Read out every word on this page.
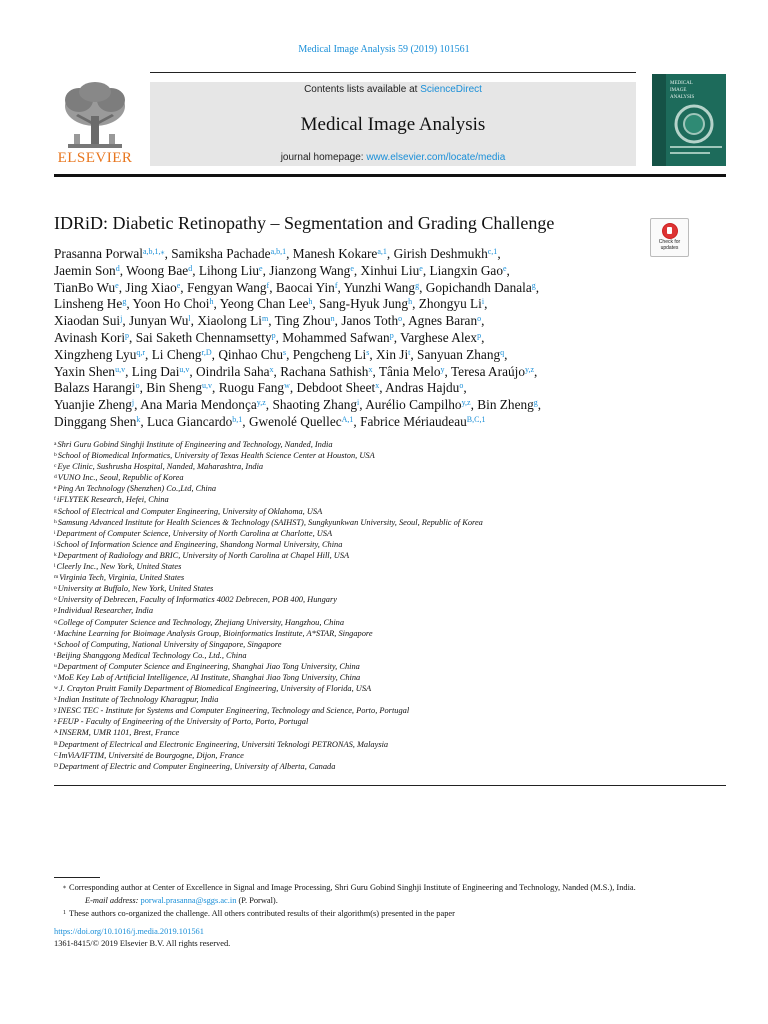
Medical Image Analysis 59 (2019) 101561
ELSEVIER
Contents lists available at ScienceDirect
Medical Image Analysis
journal homepage: www.elsevier.com/locate/media
MEDICAL IMAGE ANALYSIS
IDRiD: Diabetic Retinopathy – Segmentation and Grading Challenge
Check for updates
Prasanna Porwal$^{a,b,1,⁎}$, Samiksha Pachade$^{a,b,1}$, Manesh Kokare$^{a,1}$, Girish Deshmukh$^{c,1}$,
Jaemin Son$^d$, Woong Bae$^d$, Lihong Liu$^e$, Jianzong Wang$^e$, Xinhui Liu$^e$, Liangxin Gao$^e$,
TianBo Wu$^e$, Jing Xiao$^e$, Fengyan Wang$^f$, Baocai Yin$^f$, Yunzhi Wang$^g$, Gopichandh Danala$^g$,
Linsheng He$^g$, Yoon Ho Choi$^h$, Yeong Chan Lee$^h$, Sang-Hyuk Jung$^h$, Zhongyu Li$^i$,
Xiaodan Sui$^j$, Junyan Wu$^l$, Xiaolong Li$^m$, Ting Zhou$^n$, Janos Toth$^o$, Agnes Baran$^o$,
Avinash Kori$^p$, Sai Saketh Chennamsetty$^p$, Mohammed Safwan$^p$, Varghese Alex$^p$,
Xingzheng Lyu$^{q,r}$, Li Cheng$^{r,D}$, Qinhao Chu$^s$, Pengcheng Li$^s$, Xin Ji$^t$, Sanyuan Zhang$^q$,
Yaxin Shen$^{u,v}$, Ling Dai$^{u,v}$, Oindrila Saha$^x$, Rachana Sathish$^x$, Tânia Melo$^y$, Teresa Araújo$^{y,z}$,
Balazs Harangi$^o$, Bin Sheng$^{u,v}$, Ruogu Fang$^w$, Debdoot Sheet$^x$, Andras Hajdu$^o$,
Yuanjie Zheng$^j$, Ana Maria Mendonça$^{y,z}$, Shaoting Zhang$^i$, Aurélio Campilho$^{y,z}$, Bin Zheng$^g$,
Dinggang Shen$^k$, Luca Giancardo$^{b,1}$, Gwenolé Quellec$^{A,1}$, Fabrice Mériaudeau$^{B,C,1}$
$^a$Shri Guru Gobind Singhji Institute of Engineering and Technology, Nanded, India
$^b$School of Biomedical Informatics, University of Texas Health Science Center at Houston, USA
$^c$Eye Clinic, Sushrusha Hospital, Nanded, Maharashtra, India
$^d$VUNO Inc., Seoul, Republic of Korea
$^e$Ping An Technology (Shenzhen) Co.,Ltd, China
$^f$iFLYTEK Research, Hefei, China
$^g$School of Electrical and Computer Engineering, University of Oklahoma, USA
$^h$Samsung Advanced Institute for Health Sciences & Technology (SAIHST), Sungkyunkwan University, Seoul, Republic of Korea
$^i$Department of Computer Science, University of North Carolina at Charlotte, USA
$^j$School of Information Science and Engineering, Shandong Normal University, China
$^k$Department of Radiology and BRIC, University of North Carolina at Chapel Hill, USA
$^l$Cleerly Inc., New York, United States
$^m$Virginia Tech, Virginia, United States
$^n$University at Buffalo, New York, United States
$^o$University of Debrecen, Faculty of Informatics 4002 Debrecen, POB 400, Hungary
$^p$Individual Researcher, India
$^q$College of Computer Science and Technology, Zhejiang University, Hangzhou, China
$^r$Machine Learning for Bioimage Analysis Group, Bioinformatics Institute, A*STAR, Singapore
$^s$School of Computing, National University of Singapore, Singapore
$^t$Beijing Shanggong Medical Technology Co., Ltd., China
$^u$Department of Computer Science and Engineering, Shanghai Jiao Tong University, China
$^v$MoE Key Lab of Artificial Intelligence, AI Institute, Shanghai Jiao Tong University, China
$^w$J. Crayton Pruitt Family Department of Biomedical Engineering, University of Florida, USA
$^x$Indian Institute of Technology Kharagpur, India
$^y$INESC TEC - Institute for Systems and Computer Engineering, Technology and Science, Porto, Portugal
$^z$FEUP - Faculty of Engineering of the University of Porto, Porto, Portugal
$^A$INSERM, UMR 1101, Brest, France
$^B$Department of Electrical and Electronic Engineering, Universiti Teknologi PETRONAS, Malaysia
$^C$ImViA/IFTIM, Université de Bourgogne, Dijon, France
$^D$Department of Electric and Computer Engineering, University of Alberta, Canada
⁎ Corresponding author at Center of Excellence in Signal and Image Processing, Shri Guru Gobind Singhji Institute of Engineering and Technology, Nanded (M.S.), India.
E-mail address: porwal.prasanna@sggs.ac.in (P. Porwal).
$^1$ These authors co-organized the challenge. All others contributed results of their algorithm(s) presented in the paper
https://doi.org/10.1016/j.media.2019.101561
1361-8415/© 2019 Elsevier B.V. All rights reserved.
